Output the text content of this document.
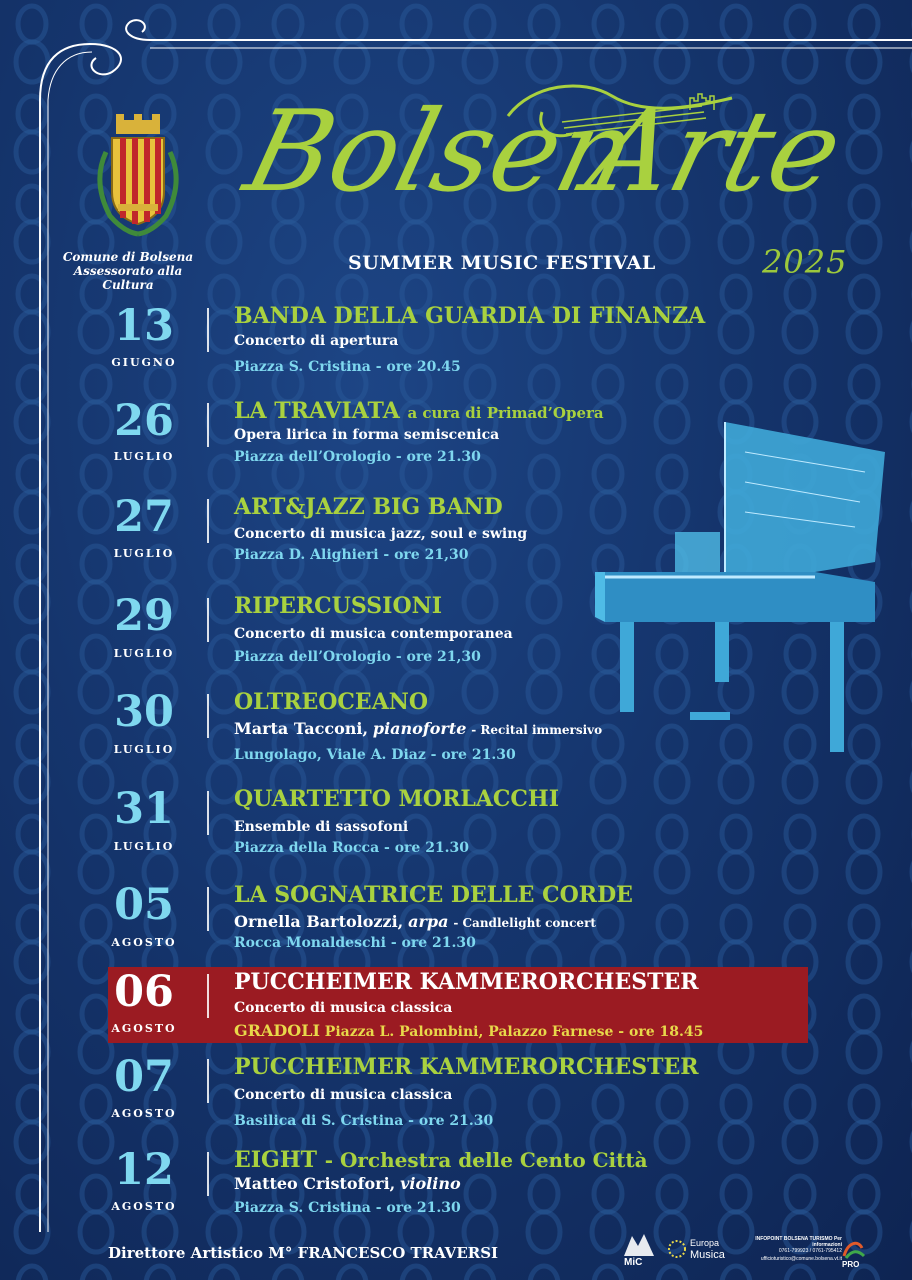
Comune di Bolsena
Assessorato alla Cultura
Bolsen
Arte
SUMMER MUSIC FESTIVAL	2025
13
GIUGNO
BANDA DELLA GUARDIA DI FINANZA
Concerto di apertura
Piazza S. Cristina - ore 20.45
26
LUGLIO
LA TRAVIATA a cura di Primad’Opera
Opera lirica in forma semiscenica
Piazza dell’Orologio - ore 21.30
27
LUGLIO
ART&JAZZ BIG BAND
Concerto di musica jazz, soul e swing
Piazza D. Alighieri - ore 21,30
29
LUGLIO
RIPERCUSSIONI
Concerto di musica contemporanea
Piazza dell’Orologio - ore 21,30
30
LUGLIO
OLTREOCEANO
Marta Tacconi, pianoforte - Recital immersivo
Lungolago, Viale A. Diaz - ore 21.30
31
LUGLIO
QUARTETTO MORLACCHI
Ensemble di sassofoni
Piazza della Rocca - ore 21.30
05
AGOSTO
LA SOGNATRICE DELLE CORDE
Ornella Bartolozzi, arpa - Candlelight concert
Rocca Monaldeschi - ore 21.30
06
AGOSTO
PUCCHEIMER KAMMERORCHESTER
Concerto di musica classica
GRADOLI Piazza L. Palombini, Palazzo Farnese - ore 18.45
07
AGOSTO
PUCCHEIMER KAMMERORCHESTER
Concerto di musica classica
Basilica di S. Cristina - ore 21.30
12
AGOSTO
EIGHT - Orchestra delle Cento Città
Matteo Cristofori, violino
Piazza S. Cristina - ore 21.30
Direttore Artistico M° FRANCESCO TRAVERSI
MiC
Europa
Musica
INFOPOINT BOLSENA TURISMO Per informazioni
0761-799923 / 0761-795412
ufficioturistico@comune.bolsena.vt.it
PRO
